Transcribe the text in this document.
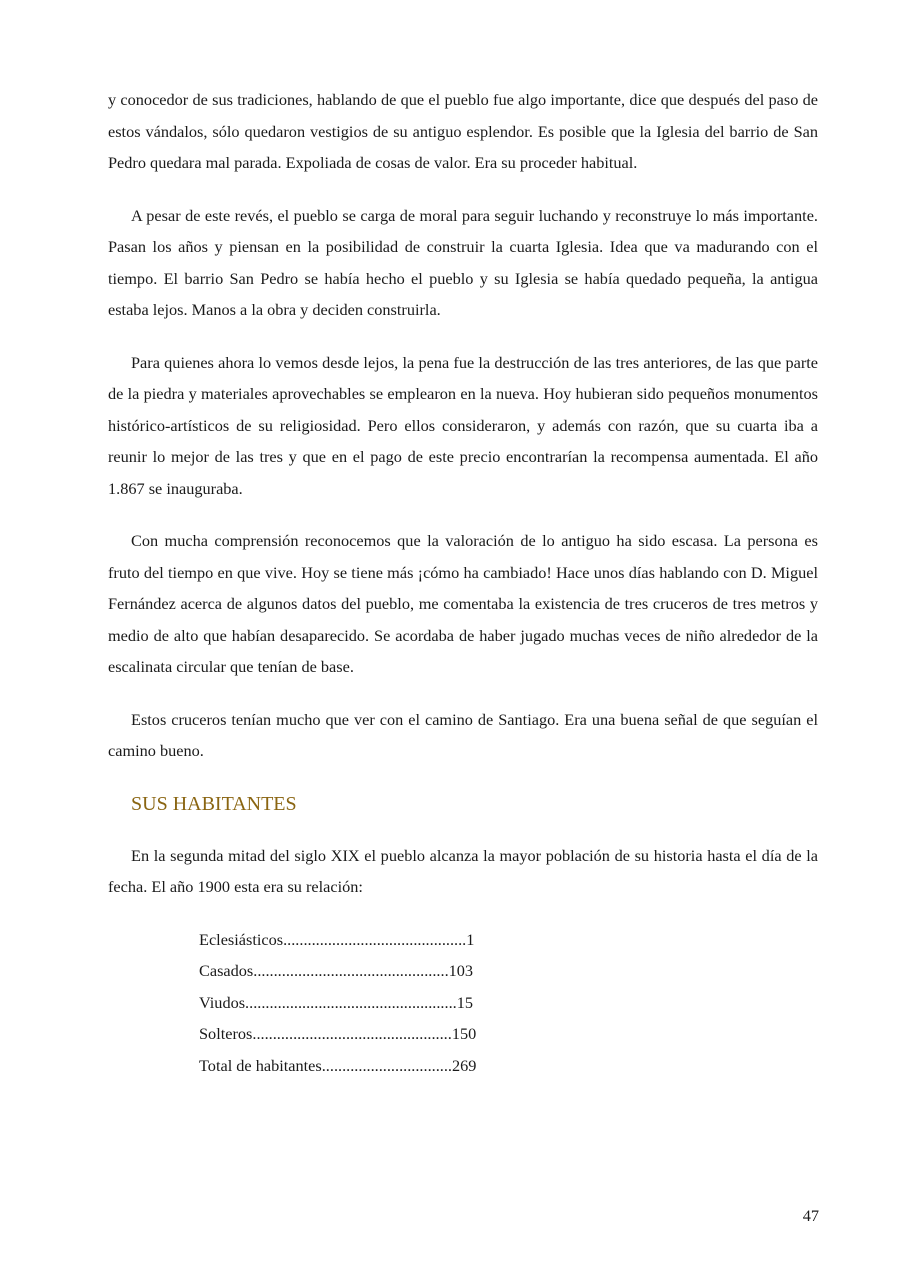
y conocedor de sus tradiciones, hablando de que el pueblo fue algo importante, dice que después del paso de estos vándalos, sólo quedaron vestigios de su antiguo esplendor. Es posible que la Iglesia del barrio de San Pedro quedara mal parada. Expoliada de cosas de valor. Era su proceder habitual.

A pesar de este revés, el pueblo se carga de moral para seguir luchando y reconstruye lo más importante. Pasan los años y piensan en la posibilidad de construir la cuarta Iglesia. Idea que va madurando con el tiempo. El barrio San Pedro se había hecho el pueblo y su Iglesia se había quedado pequeña, la antigua estaba lejos. Manos a la obra y deciden construirla.

Para quienes ahora lo vemos desde lejos, la pena fue la destrucción de las tres anteriores, de las que parte de la piedra y materiales aprovechables se emplearon en la nueva. Hoy hubieran sido pequeños monumentos histórico-artísticos de su religiosidad. Pero ellos consideraron, y además con razón, que su cuarta iba a reunir lo mejor de las tres y que en el pago de este precio encontrarían la recompensa aumentada. El año 1.867 se inauguraba.

Con mucha comprensión reconocemos que la valoración de lo antiguo ha sido escasa. La persona es fruto del tiempo en que vive. Hoy se tiene más ¡cómo ha cambiado! Hace unos días hablando con D. Miguel Fernández acerca de algunos datos del pueblo, me comentaba la existencia de tres cruceros de tres metros y medio de alto que habían desaparecido. Se acordaba de haber jugado muchas veces de niño alrededor de la escalinata circular que tenían de base.

Estos cruceros tenían mucho que ver con el camino de Santiago. Era una buena señal de que seguían el camino bueno.

SUS HABITANTES

En la segunda mitad del siglo XIX el pueblo alcanza la mayor población de su historia hasta el día de la fecha. El año 1900 esta era su relación:

Eclesiásticos.............................................1
Casados................................................103
Viudos....................................................15
Solteros.................................................150
Total de habitantes................................269
47
